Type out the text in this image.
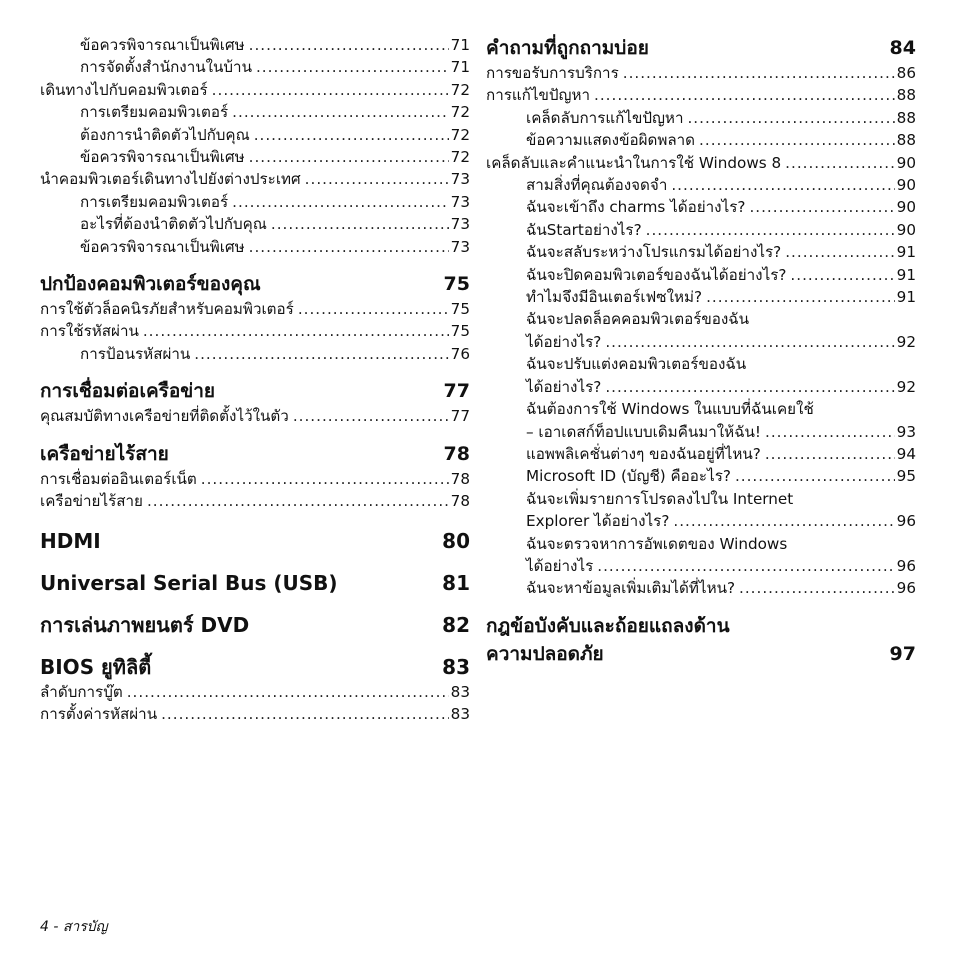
ข้อควรพิจารณาเป็นพิเศษ .....	71
การจัดตั้งสำนักงานในบ้าน .....	71
เดินทางไปกับคอมพิวเตอร์ .....	72
การเตรียมคอมพิวเตอร์ .....	72
ต้องการนำติดตัวไปกับคุณ .....	72
ข้อควรพิจารณาเป็นพิเศษ .....	72
นำคอมพิวเตอร์เดินทางไปยังต่างประเทศ .....	73
การเตรียมคอมพิวเตอร์ .....	73
อะไรที่ต้องนำติดตัวไปกับคุณ .....	73
ข้อควรพิจารณาเป็นพิเศษ .....	73
ปกป้องคอมพิวเตอร์ของคุณ	75
การใช้ตัวล็อคนิรภัยสำหรับคอมพิวเตอร์ .....	75
การใช้รหัสผ่าน .....	75
การป้อนรหัสผ่าน .....	76
การเชื่อมต่อเครือข่าย	77
คุณสมบัติทางเครือข่ายที่ติดตั้งไว้ในตัว .....	77
เครือข่ายไร้สาย	78
การเชื่อมต่ออินเตอร์เน็ต .....	78
เครือข่ายไร้สาย .....	78
HDMI	80
Universal Serial Bus (USB)	81
การเล่นภาพยนตร์ DVD	82
BIOS ยูทิลิตี้	83
ลำดับการบู๊ต .....	83
การตั้งค่ารหัสผ่าน .....	83
คำถามที่ถูกถามบ่อย	84
การขอรับการบริการ .....	86
การแก้ไขปัญหา .....	88
เคล็ดลับการแก้ไขปัญหา .....	88
ข้อความแสดงข้อผิดพลาด .....	88
เคล็ดลับและคำแนะนำในการใช้ Windows 8 .....	90
สามสิ่งที่คุณต้องจดจำ .....	90
ฉันจะเข้าถึง charms ได้อย่างไร? .....	90
ฉันStartอย่างไร? .....	90
ฉันจะสลับระหว่างโปรแกรมได้อย่างไร? .....	91
ฉันจะปิดคอมพิวเตอร์ของฉันได้อย่างไร? .....	91
ทำไมจึงมีอินเตอร์เฟซใหม่? .....	91
ฉันจะปลดล็อคคอมพิวเตอร์ของฉัน
ได้อย่างไร? .....	92
ฉันจะปรับแต่งคอมพิวเตอร์ของฉัน
ได้อย่างไร? .....	92
ฉันต้องการใช้ Windows ในแบบที่ฉันเคยใช้
– เอาเดสก์ท็อปแบบเดิมคืนมาให้ฉัน! .....	93
แอพพลิเคชั่นต่างๆ ของฉันอยู่ที่ไหน? .....	94
Microsoft ID (บัญชี) คืออะไร? .....	95
ฉันจะเพิ่มรายการโปรดลงไปใน Internet
Explorer ได้อย่างไร? .....	96
ฉันจะตรวจหาการอัพเดตของ Windows
ได้อย่างไร .....	96
ฉันจะหาข้อมูลเพิ่มเติมได้ที่ไหน? .....	96
กฎข้อบังคับและถ้อยแถลงด้าน
ความปลอดภัย	97
4 - สารบัญ
